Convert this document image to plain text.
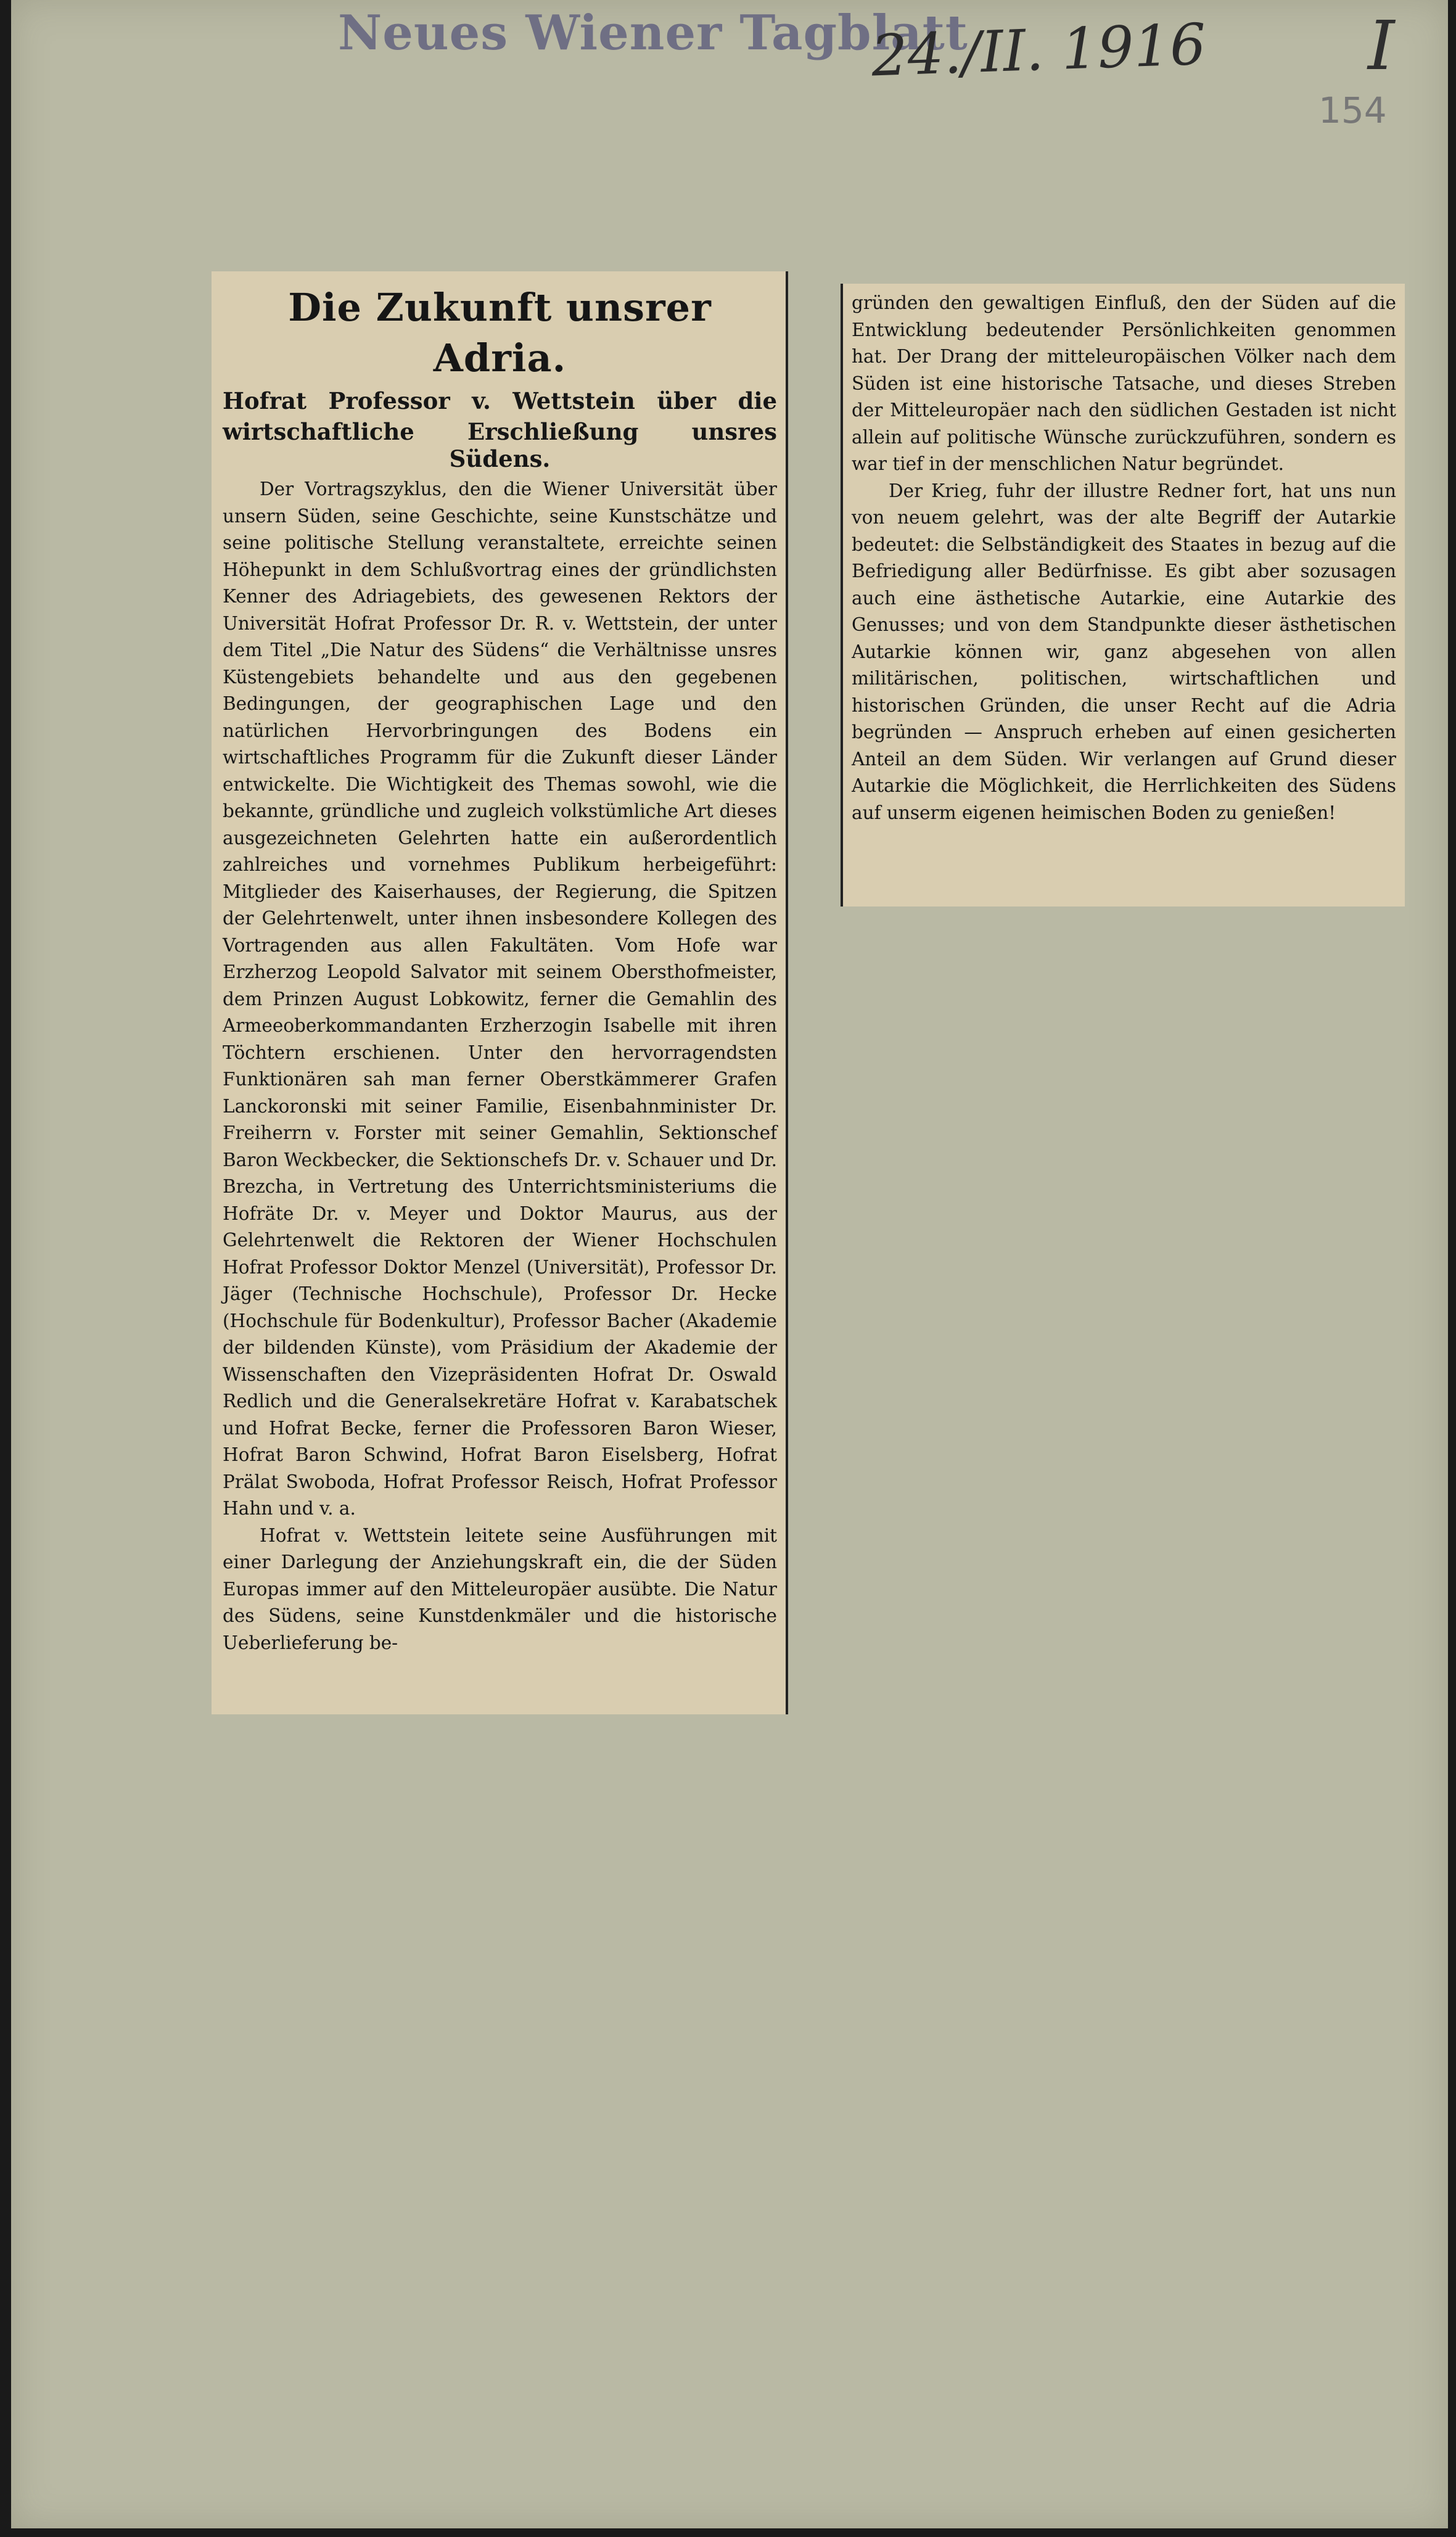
Neues Wiener Tagblatt
24./II. 1916 I
154
Die Zukunft unsrer Adria.
Hofrat Professor v. Wettstein über die
wirtschaftliche Erschließung unsres Südens.

Der Vortragszyklus, den die Wiener Universität über unsern Süden, seine Geschichte, seine Kunstschätze und seine politische Stellung veranstaltete, erreichte seinen Höhepunkt in dem Schlußvortrag eines der gründlichsten Kenner des Adriagebiets, des gewesenen Rektors der Universität Hofrat Professor Dr. R. v. Wettstein, der unter dem Titel „Die Natur des Südens“ die Verhältnisse unsres Küstengebiets behandelte und aus den gegebenen Bedingungen, der geographischen Lage und den natürlichen Hervorbringungen des Bodens ein wirtschaftliches Programm für die Zukunft dieser Länder entwickelte. Die Wichtigkeit des Themas sowohl, wie die bekannte, gründliche und zugleich volkstümliche Art dieses ausgezeichneten Gelehrten hatte ein außerordentlich zahlreiches und vornehmes Publikum herbeigeführt: Mitglieder des Kaiserhauses, der Regierung, die Spitzen der Gelehrtenwelt, unter ihnen insbesondere Kollegen des Vortragenden aus allen Fakultäten. Vom Hofe war Erzherzog Leopold Salvator mit seinem Obersthofmeister, dem Prinzen August Lobkowitz, ferner die Gemahlin des Armeeoberkommandanten Erzherzogin Isabelle mit ihren Töchtern erschienen. Unter den hervorragendsten Funktionären sah man ferner Oberstkämmerer Grafen Lanckoronski mit seiner Familie, Eisenbahnminister Dr. Freiherrn v. Forster mit seiner Gemahlin, Sektionschef Baron Weckbecker, die Sektionschefs Dr. v. Schauer und Dr. Brezcha, in Vertretung des Unterrichtsministeriums die Hofräte Dr. v. Meyer und Doktor Maurus, aus der Gelehrtenwelt die Rektoren der Wiener Hochschulen Hofrat Professor Doktor Menzel (Universität), Professor Dr. Jäger (Technische Hochschule), Professor Dr. Hecke (Hochschule für Bodenkultur), Professor Bacher (Akademie der bildenden Künste), vom Präsidium der Akademie der Wissenschaften den Vizepräsidenten Hofrat Dr. Oswald Redlich und die Generalsekretäre Hofrat v. Karabatschek und Hofrat Becke, ferner die Professoren Baron Wieser, Hofrat Baron Schwind, Hofrat Baron Eiselsberg, Hofrat Prälat Swoboda, Hofrat Professor Reisch, Hofrat Professor Hahn und v. a.

Hofrat v. Wettstein leitete seine Ausführungen mit einer Darlegung der Anziehungskraft ein, die der Süden Europas immer auf den Mitteleuropäer ausübte. Die Natur des Südens, seine Kunstdenkmäler und die historische Ueberlieferung be-

gründen den gewaltigen Einfluß, den der Süden auf die Entwicklung bedeutender Persönlichkeiten genommen hat. Der Drang der mitteleuropäischen Völker nach dem Süden ist eine historische Tatsache, und dieses Streben der Mitteleuropäer nach den südlichen Gestaden ist nicht allein auf politische Wünsche zurückzuführen, sondern es war tief in der menschlichen Natur begründet.

Der Krieg, fuhr der illustre Redner fort, hat uns nun von neuem gelehrt, was der alte Begriff der Autarkie bedeutet: die Selbständigkeit des Staates in bezug auf die Befriedigung aller Bedürfnisse. Es gibt aber sozusagen auch eine ästhetische Autarkie, eine Autarkie des Genusses; und von dem Standpunkte dieser ästhetischen Autarkie können wir, ganz abgesehen von allen militärischen, politischen, wirtschaftlichen und historischen Gründen, die unser Recht auf die Adria begründen — Anspruch erheben auf einen gesicherten Anteil an dem Süden. Wir verlangen auf Grund dieser Autarkie die Möglichkeit, die Herrlichkeiten des Südens auf unserm eigenen heimischen Boden zu genießen!
